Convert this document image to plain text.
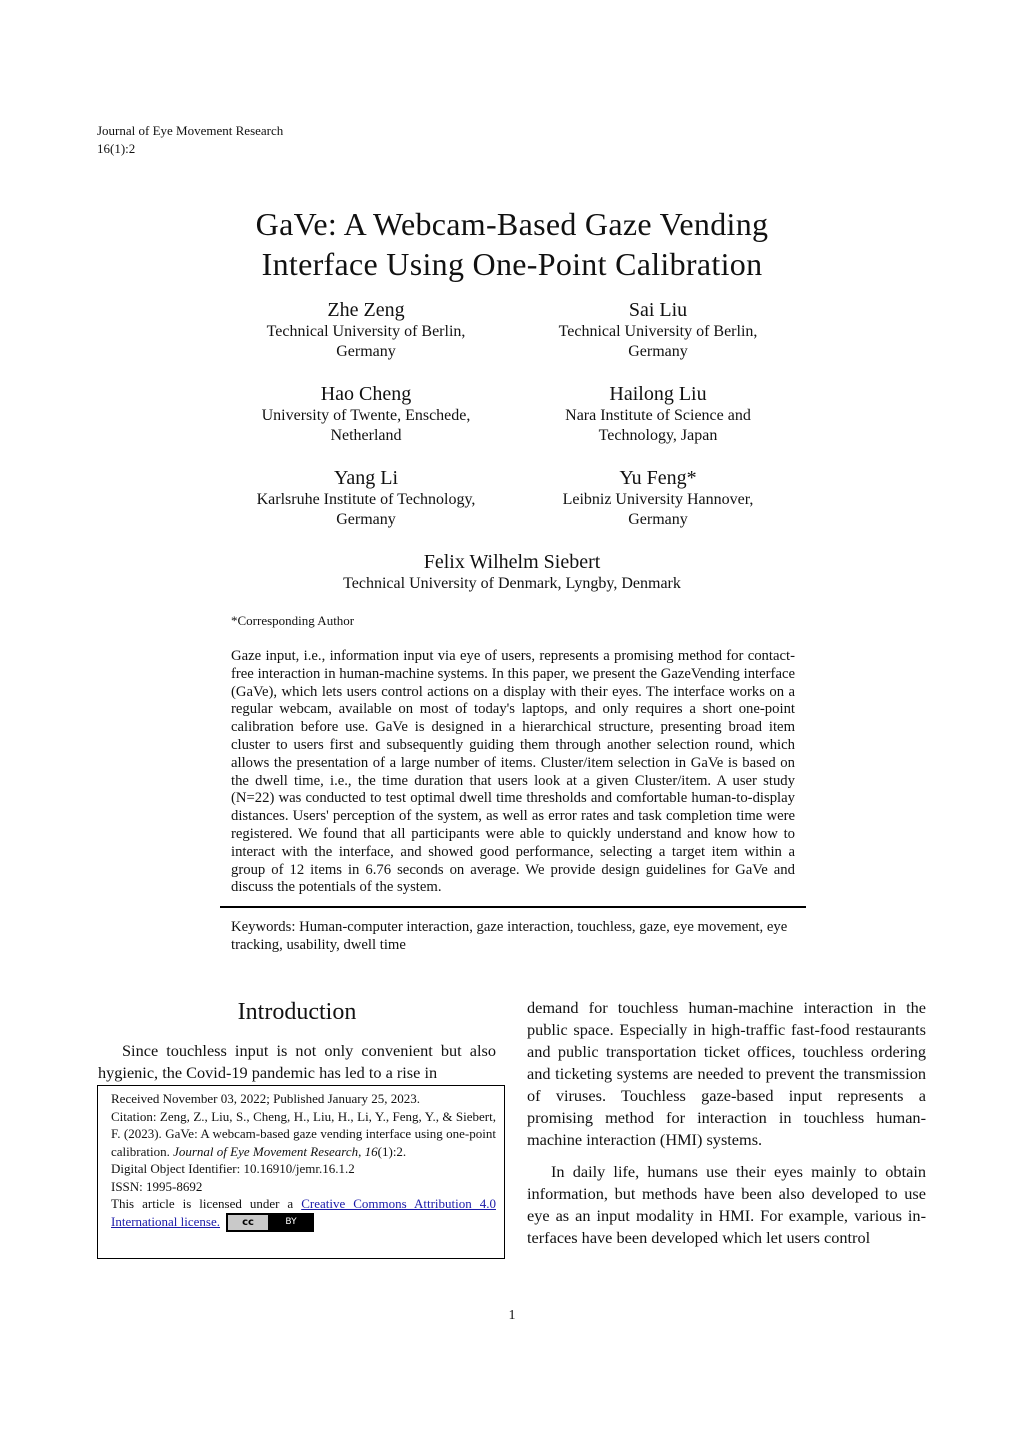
Journal of Eye Movement Research
16(1):2
GaVe: A Webcam-Based Gaze Vending
Interface Using One-Point Calibration
Zhe Zeng
Technical University of Berlin,
Germany
Sai Liu
Technical University of Berlin,
Germany
Hao Cheng
University of Twente, Enschede,
Netherland
Hailong Liu
Nara Institute of Science and
Technology, Japan
Yang Li
Karlsruhe Institute of Technology,
Germany
Yu Feng*
Leibniz University Hannover,
Germany
Felix Wilhelm Siebert
Technical University of Denmark, Lyngby, Denmark
*Corresponding Author
Gaze input, i.e., information input via eye of users, represents a promising method for contact-free interaction in human-machine systems. In this paper, we present the GazeVending interface (GaVe), which lets users control actions on a display with their eyes. The interface works on a regular webcam, available on most of today's laptops, and only requires a short one-point calibration before use. GaVe is designed in a hierarchical structure, presenting broad item cluster to users first and subsequently guiding them through another selection round, which allows the presentation of a large number of items. Cluster/item selection in GaVe is based on the dwell time, i.e., the time duration that users look at a given Cluster/item. A user study (N=22) was conducted to test optimal dwell time thresholds and comfortable human-to-display distances. Users' perception of the system, as well as error rates and task completion time were registered. We found that all participants were able to quickly understand and know how to interact with the interface, and showed good performance, selecting a target item within a group of 12 items in 6.76 seconds on average. We provide design guidelines for GaVe and discuss the potentials of the system.
Keywords: Human-computer interaction, gaze interaction, touchless, gaze, eye movement, eye tracking, usability, dwell time
Introduction

Since touchless input is not only convenient but also hygienic, the Covid-19 pandemic has led to a rise in

demand for touchless human-machine interaction in the public space. Especially in high-traffic fast-food restaurants and public transportation ticket offices, touchless ordering and ticketing systems are needed to prevent the transmission of viruses. Touchless gaze-based input represents a promising method for interaction in touchless human-machine interaction (HMI) systems.

In daily life, humans use their eyes mainly to obtain information, but methods have been also developed to use eye as an input modality in HMI. For example, various interfaces have been developed which let users control

Received November 03, 2022; Published January 25, 2023.

Citation: Zeng, Z., Liu, S., Cheng, H., Liu, H., Li, Y., Feng, Y., & Siebert, F. (2023). GaVe: A webcam-based gaze vending interface using one-point calibration. Journal of Eye Movement Research, 16(1):2.

Digital Object Identifier: 10.16910/jemr.16.1.2

ISSN: 1995-8692

This article is licensed under a Creative Commons Attribution 4.0 International license.	cc	BY

1
